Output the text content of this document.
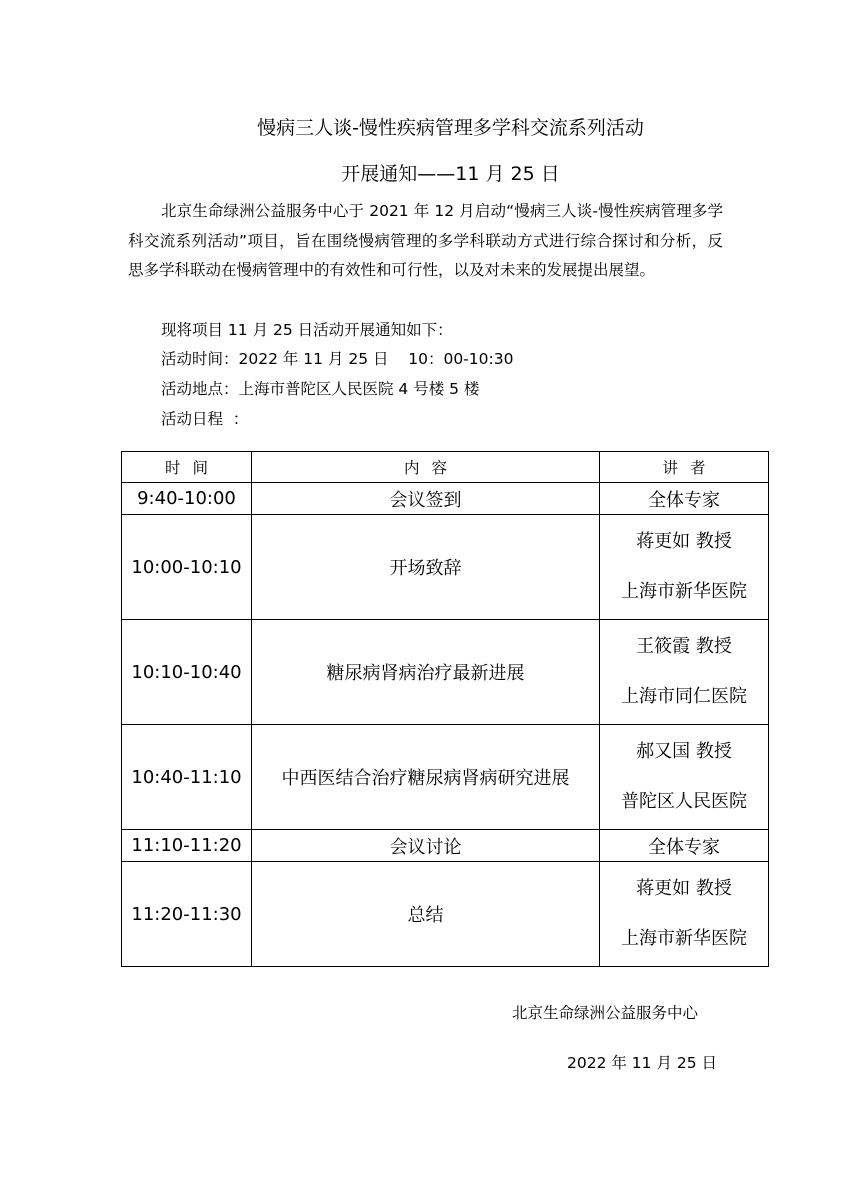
慢病三人谈-慢性疾病管理多学科交流系列活动
开展通知——11 月 25 日

北京生命绿洲公益服务中心于 2021 年 12 月启动“慢病三人谈-慢性疾病管理多学科交流系列活动”项目，旨在围绕慢病管理的多学科联动方式进行综合探讨和分析，反思多学科联动在慢病管理中的有效性和可行性，以及对未来的发展提出展望。

现将项目 11 月 25 日活动开展通知如下：
活动时间：2022 年 11 月 25 日    10：00-10:30
活动地点：上海市普陀区人民医院 4 号楼 5 楼
活动日程  ：
时间	内容	讲者
9:40-10:00	会议签到	全体专家
10:00-10:10	开场致辞	蒋更如 教授
上海市新华医院

10:10-10:40	糖尿病肾病治疗最新进展	王筱霞 教授
上海市同仁医院

10:40-11:10	中西医结合治疗糖尿病肾病研究进展	郝又国 教授
普陀区人民医院

11:10-11:20	会议讨论	全体专家
11:20-11:30	总结	蒋更如 教授
上海市新华医院
北京生命绿洲公益服务中心
2022 年 11 月 25 日
